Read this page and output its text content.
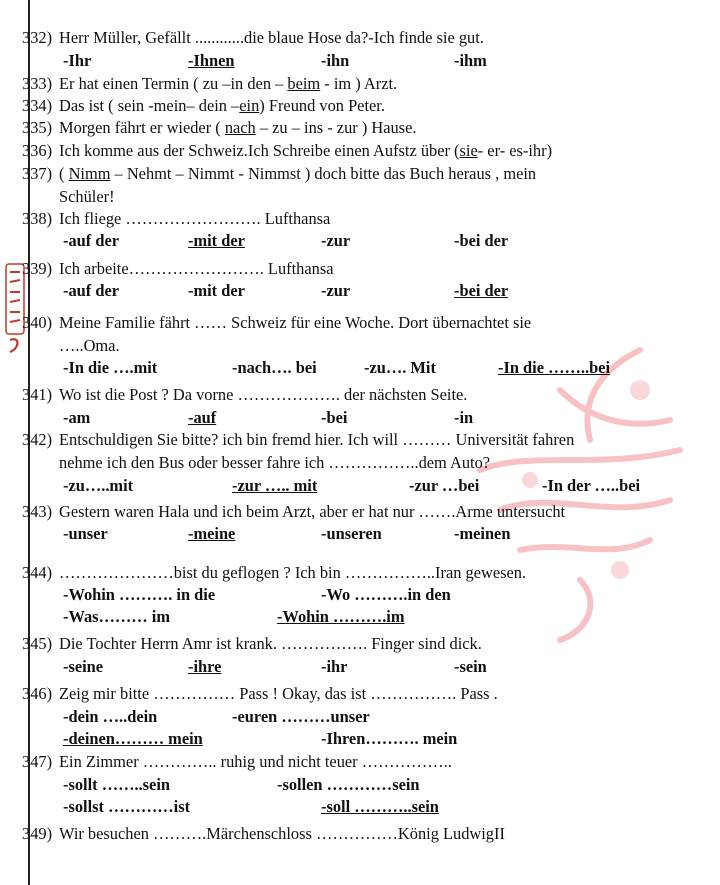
332) Herr Müller, Gefällt ............die blaue Hose da?-Ich finde sie gut.
-Ihr	-Ihnen	-ihn	-ihm
333) Er hat einen Termin ( zu –in den – beim - im ) Arzt.
334) Das ist ( sein -mein– dein –ein) Freund von Peter.
335) Morgen fährt er wieder ( nach – zu – ins - zur ) Hause.
336) Ich komme aus der Schweiz.Ich Schreibe einen Aufstz über (sie- er- es-ihr)
337) ( Nimm – Nehmt – Nimmt - Nimmst ) doch bitte das Buch heraus , mein
Schüler!
338) Ich fliege ……………………. Lufthansa
-auf der	-mit der	-zur	-bei der
339) Ich arbeite……………………. Lufthansa
-auf der	-mit der	-zur	-bei der
340) Meine Familie fährt …… Schweiz für eine Woche. Dort übernachtet sie
…..Oma.
-In die ….mit	-nach…. bei	-zu…. Mit	-In die ……..bei
341) Wo ist die Post ? Da vorne ………………. der nächsten Seite.
-am	-auf	-bei	-in
342) Entschuldigen Sie bitte? ich bin fremd hier. Ich will ……… Universität fahren
nehme ich den Bus oder besser fahre ich ……………..dem Auto?
-zu…..mit	-zur ….. mit	-zur …bei	-In der …..bei
343) Gestern waren Hala und ich beim Arzt, aber er hat nur …….Arme untersucht
-unser	-meine	-unseren	-meinen
344) …………………bist du geflogen ? Ich bin ……………..Iran gewesen.
-Wohin ………. in die	-Wo ……….in den
-Was……… im	-Wohin ……….im
345) Die Tochter Herrn Amr ist krank. ……………. Finger sind dick.
-seine	-ihre	-ihr	-sein
346) Zeig mir bitte …………… Pass ! Okay, das ist ……………. Pass .
-dein …..dein	-euren ………unser
-deinen……… mein	-Ihren………. mein
347) Ein Zimmer ………….. ruhig und nicht teuer ……………..
-sollt ……..sein	-sollen …………sein
-sollst …………ist	-soll ………..sein
349) Wir besuchen ……….Märchenschloss ……………König LudwigII
